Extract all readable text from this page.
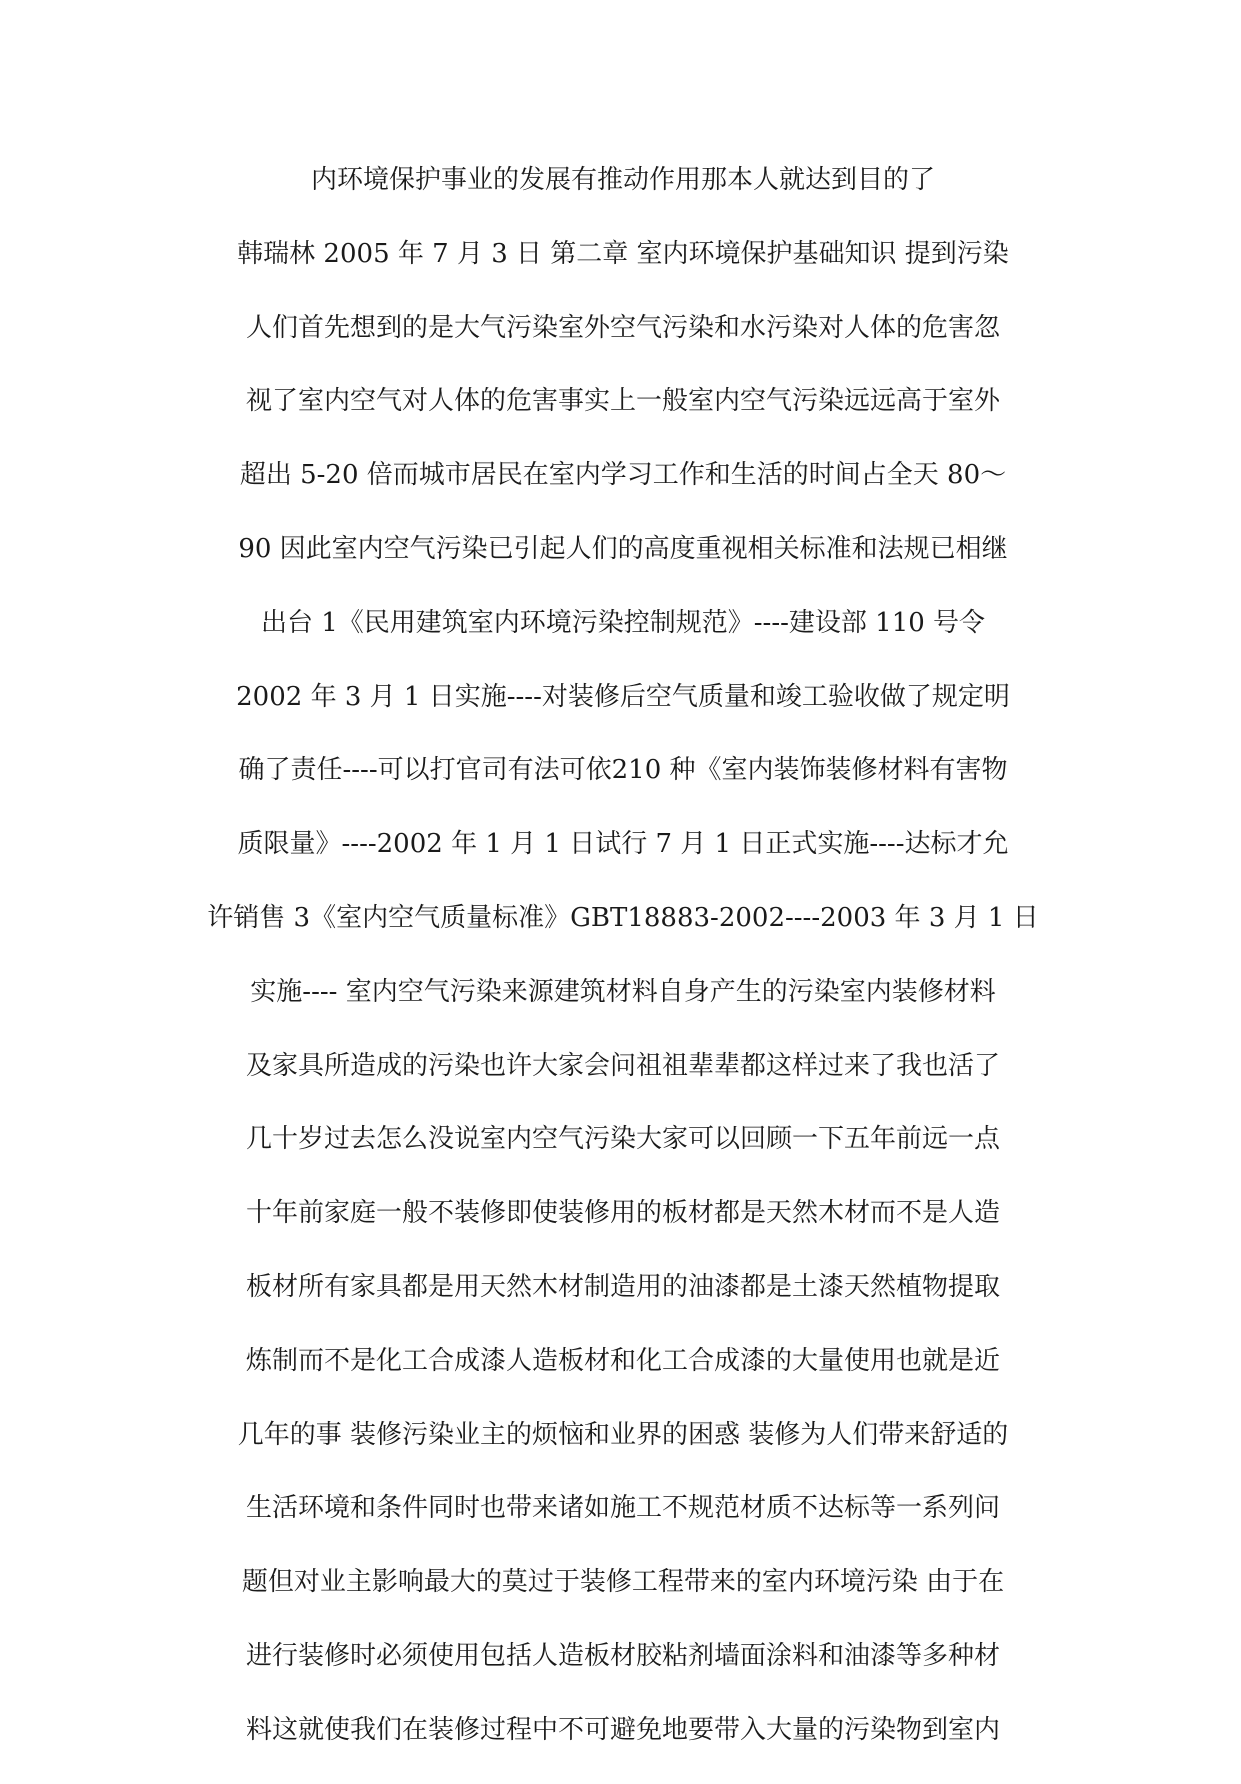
内环境保护事业的发展有推动作用那本人就达到目的了
韩瑞林 2005 年 7 月 3 日 第二章 室内环境保护基础知识 提到污染
人们首先想到的是大气污染室外空气污染和水污染对人体的危害忽
视了室内空气对人体的危害事实上一般室内空气污染远远高于室外
超出 5-20 倍而城市居民在室内学习工作和生活的时间占全天 80～
90 因此室内空气污染已引起人们的高度重视相关标准和法规已相继
出台 1《民用建筑室内环境污染控制规范》----建设部 110 号令
2002 年 3 月 1 日实施----对装修后空气质量和竣工验收做了规定明
确了责任----可以打官司有法可依210 种《室内装饰装修材料有害物
质限量》----2002 年 1 月 1 日试行 7 月 1 日正式实施----达标才允
许销售 3《室内空气质量标准》GBT18883-2002----2003 年 3 月 1 日
实施---- 室内空气污染来源建筑材料自身产生的污染室内装修材料
及家具所造成的污染也许大家会问祖祖辈辈都这样过来了我也活了
几十岁过去怎么没说室内空气污染大家可以回顾一下五年前远一点
十年前家庭一般不装修即使装修用的板材都是天然木材而不是人造
板材所有家具都是用天然木材制造用的油漆都是土漆天然植物提取
炼制而不是化工合成漆人造板材和化工合成漆的大量使用也就是近
几年的事 装修污染业主的烦恼和业界的困惑 装修为人们带来舒适的
生活环境和条件同时也带来诸如施工不规范材质不达标等一系列问
题但对业主影响最大的莫过于装修工程带来的室内环境污染 由于在
进行装修时必须使用包括人造板材胶粘剂墙面涂料和油漆等多种材
料这就使我们在装修过程中不可避免地要带入大量的污染物到室内
